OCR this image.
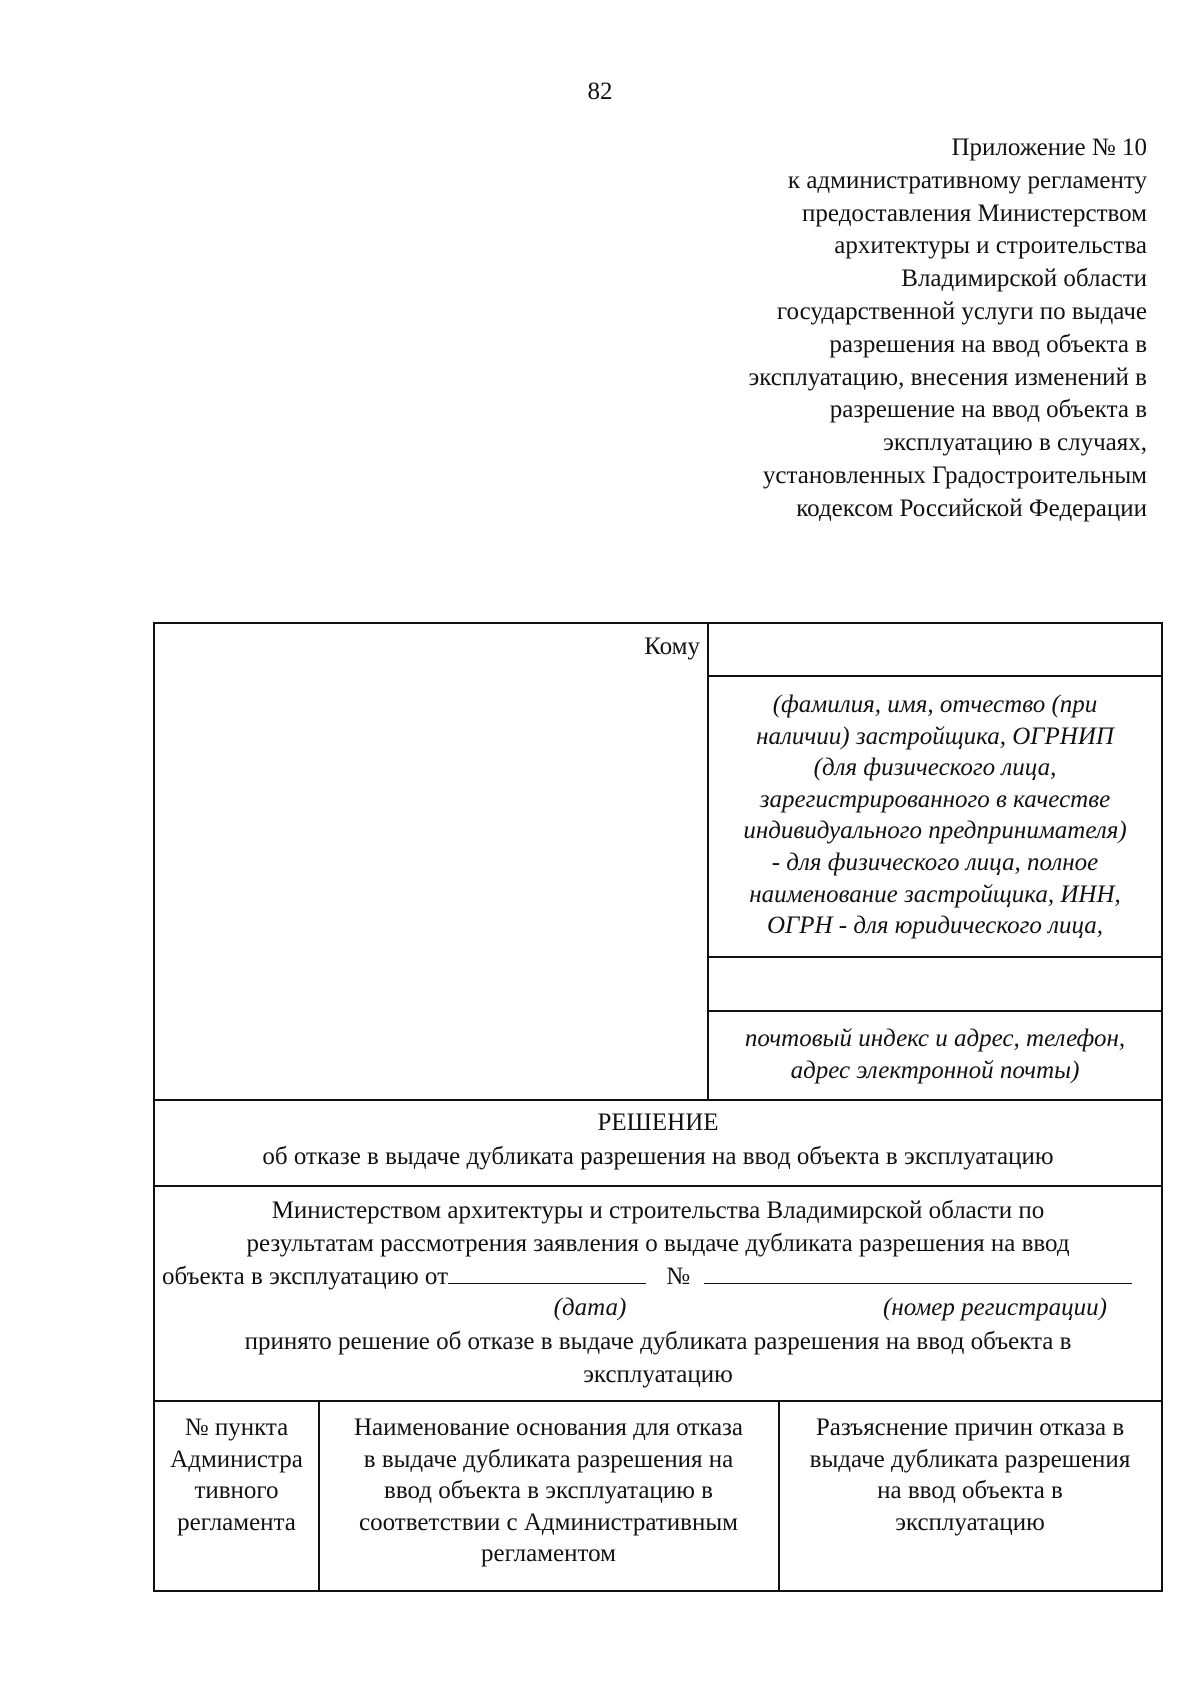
82
Приложение № 10
к административному регламенту
предоставления Министерством
архитектуры и строительства
Владимирской области
государственной услуги по выдаче
разрешения на ввод объекта в
эксплуатацию, внесения изменений в
разрешение на ввод объекта в
эксплуатацию в случаях,
установленных Градостроительным
кодексом Российской Федерации
Кому
(фамилия, имя, отчество (при
наличии) застройщика, ОГРНИП
(для физического лица,
зарегистрированного в качестве
индивидуального предпринимателя)
- для физического лица, полное
наименование застройщика, ИНН,
ОГРН - для юридического лица,
почтовый индекс и адрес, телефон,
адрес электронной почты)
РЕШЕНИЕ
об отказе в выдаче дубликата разрешения на ввод объекта в эксплуатацию
Министерством архитектуры и строительства Владимирской области по
результатам рассмотрения заявления о выдаче дубликата разрешения на ввод
объекта в эксплуатацию от	№
(дата)	(номер регистрации)
принято решение об отказе в выдаче дубликата разрешения на ввод объекта в
эксплуатацию
№ пункта
Администра
тивного
регламента
Наименование основания для отказа
в выдаче дубликата разрешения на
ввод объекта в эксплуатацию в
соответствии с Административным
регламентом
Разъяснение причин отказа в
выдаче дубликата разрешения
на ввод объекта в
эксплуатацию
